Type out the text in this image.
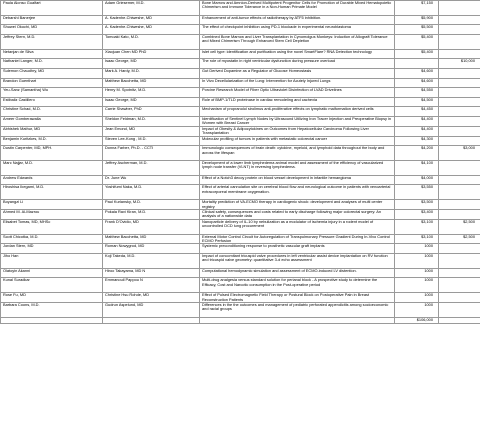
Paula Alonso Gualfart	Adam Griesemer, M.D.	Bone Marrow and Amnion-Derived Multipotent Progenitor Cells for Promotion of Durable Mixed Hematopoietic Chimerism and Immune Tolerance in a Non-Human Primate Model	$7,150	
Debarshi Banerjee	A. Kadenhe-Chiweshe, MD	Enhancement of anti-tumor effects of radiotherapy by ATF5 inhibition.	$5,900	
Shuwei Okochi, MD	A. Kadenhe-Chiweshe, MD	The effect of checkpoint inhibition using PD-1 blockade in experimental neuroblastoma	$5,500	
Jeffrey Stern, M.D.	Tomoaki Kato, M.D.	Combined Bone Marrow and Liver Transplantation in Cynomolgus Monkeys: Induction of Allograft Tolerance and Mixed Chimerism Through Enhanced Stem Cell Depletion	$5,400	
Netanjan de Silva	Xiaojuan Chen MD PhD	Islet cell type: identification and purification using the novel SmartFlare? RNA Detection technology	$5,400	
Nathaniel Langer, M.D.	Isaac George, MD	The role of myostatin in right ventricular dysfunction during pressure overload		$10,000
Sulemon Chaudhry, MD	Mark A. Hardy, M.D.	Gut Derived Dopamine as a Regulator of Glucose Homeostasis	$4,600	
Brandon Guenthart	Matthew Bacchetta, MD	In Vivo Decellularization of the Lung: Intervention for Acutely Injured Lungs	$4,600	
Yeu-Sanz (Samantha) Wu	Henry M. Spotnitz, M.D.	Porcine Research Model of Fiber Optic Ultraviolet Disinfection of LVAD Drivelines	$4,550	
Estibaliz Castillero	Isaac George, MD	Role of BMP-1/TLD proteinase in cardiac remodeling and cachexia	$4,500	
Christine Schad, M.D.	Carrie Shawber, PhD	Mechanism of propranolol sirolimus anti-proliferative effects on lymphatic malformation derived cells	$4,450	
Ameer Gomberawalla	Sheldon Feldman, M.D.	Identification of Sentinel Lymph Nodes by Ultrasound Utilizing Iron Tracer Injection and Preoperative Biopsy in Women with Breast Cancer	$4,400	
Abhishek Mathur, MD	Jean Emond, MD	Impact of Obesity & Adipocytokines on Outcomes from Hepatocellular Carcinoma Following Liver Transplantation	$4,400	
Benjamin Kuritzkes, M.D.	Steven Lee-Kong , M.D.	Molecular profiling of tumors in patients with metastatic colorectal cancer	$4,300	
Dustin Carpenter, MD, MPH.	Donna Farber, Ph.D. - CCTI	Immunologic consequences of brain death: cytokine, myeloid, and lymphoid data throughout the body and across the lifespan	$4,200	$3,000
Marc Najjar, M.D.	Jeffrey Ascherman, M.D.	Development of a lower limb lymphedema animal model and assessment of the efficiency of vascularized lymph node transfer (VLNT) in reversing lymphedema.	$4,100	
Andrew Edwards	Dr. June Wu	Effect of a Notch3 decoy protein on blood vessel development in infantile hemangioma	$4,000	
Hiroshisa Ikegami, M.D.	Yoshifumi Naka, M.D.	Effect of arterial cannulation site on cerebral blood flow and neurological outcome in patients with venoarterial extracorporeal membrane oxygenation.	$3,550	
Boyangzi Li	Paul Kurlansky, M.D.	Mortality prediction of VA-ECMO therapy in cardiogenic shock: development and analyses of multi center registry	$3,500	
Ahmed M. Al-Mazrou	Pokala Ravi Kiran, M.D.	Clinical safety, consequences and costs related to early discharge following major colorectal surgery: An analysis of a nationwide data	$3,400	
Elisabet Tomas, MD, MHSc	Frank D'Ovidio, MD	Nanoparticle delivery of IL-10 by nebulization as a modulator of ischemia injury in a rodent model of uncontrolled DCD lung procurement	$3,100	$2,500
Scott Chicotka, M.D.	Matthew Bacchetta, MD	External Motor Control Circuit for Autoregulation of Transpulmonary Pressure Gradient During In-Vivo Control ECMO Perfusion	$3,100	$2,500
Jordan Stern, MD	Roman Nowygrod, MD	Systemic preconditioning response to prosthetic vascular graft implants	1000	
Jiho Han	Koji Takeda, M.D.	Impact of concomitant tricuspid valve procedures in left ventricular assist device implantation on RV function and tricuspid valve geometry: quantitative 3-d echo assessment	1000	
Olatoyin Akanni	Hiroo Takayama, MD N	Computational hemodynamic simulation and assessment of ECMO-induced LV distention.	1000	
Kunal Suradkar	Emmanouil Pappou N	Multi-drug analgesia versus standard solution for perianal block - A prospective study to determine the Efficacy, Cost and Narcotic consumption in the Post-operative period	1000	
Rose Fu, MD	Christine Hsu Rohde, MD	Effect of Pulsed Electromagnetic Field Therapy or Postural Block on Postoperative Pain in Breast Reconstruction Patients	1000	
Barbara Coons, M.D.	Gudrun Aspelund, MD	Differences in the the outcomes and management of pediatric perforated appendicitis among socioeconomic and racial groups	1000	
			$106,000	
